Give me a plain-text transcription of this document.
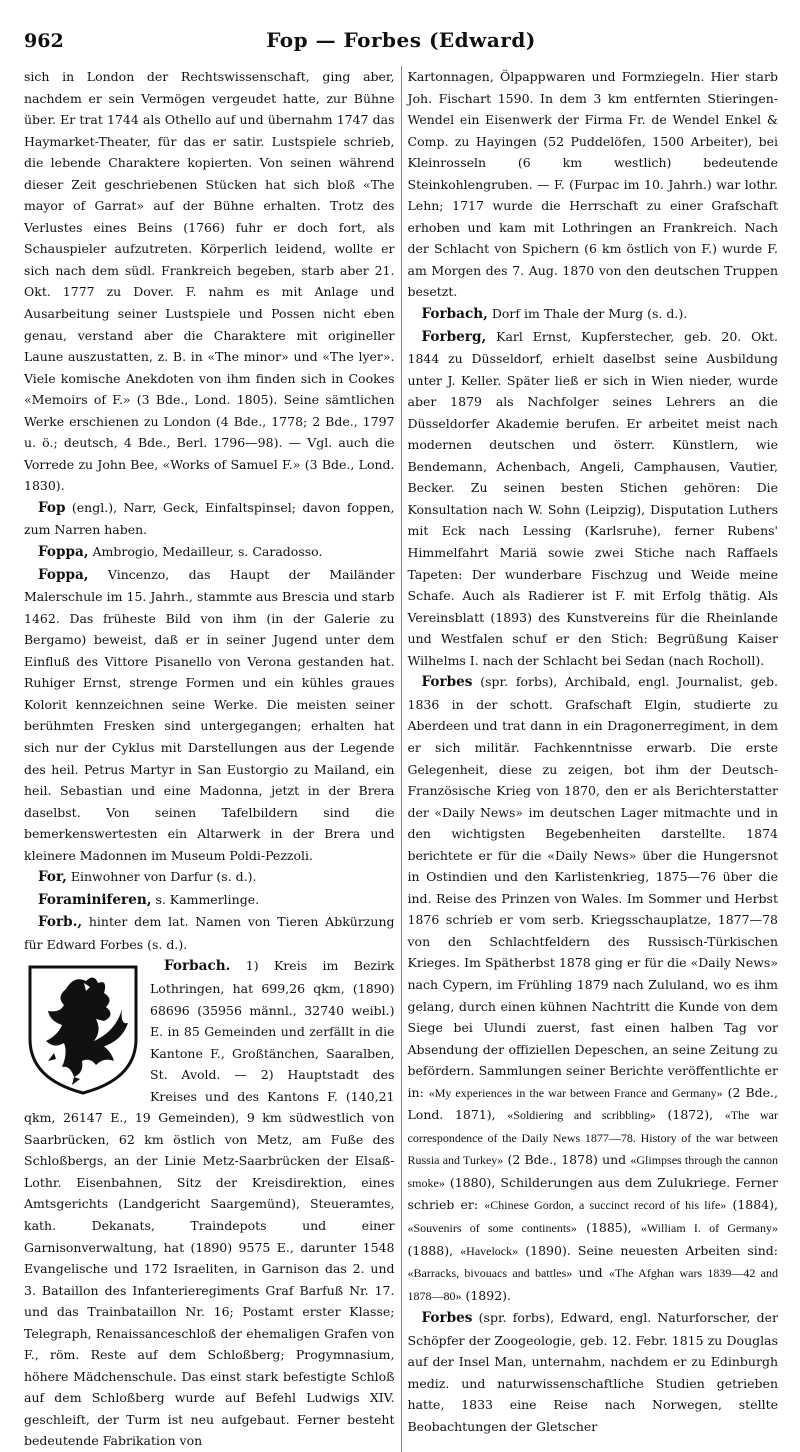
962	Fop — Forbes (Edward)

sich in London der Rechtswissenschaft, ging aber, nachdem er sein Vermögen vergeudet hatte, zur Bühne über. Er trat 1744 als Othello auf und übernahm 1747 das Haymarket-Theater, für das er satir. Lustspiele schrieb, die lebende Charaktere kopierten. Von seinen während dieser Zeit geschriebenen Stücken hat sich bloß «The mayor of Garrat» auf der Bühne erhalten. Trotz des Verlustes eines Beins (1766) fuhr er doch fort, als Schauspieler aufzutreten. Körperlich leidend, wollte er sich nach dem südl. Frankreich begeben, starb aber 21. Okt. 1777 zu Dover. F. nahm es mit Anlage und Ausarbeitung seiner Lustspiele und Possen nicht eben genau, verstand aber die Charaktere mit origineller Laune auszustatten, z. B. in «The minor» und «The lyer». Viele komische Anekdoten von ihm finden sich in Cookes «Memoirs of F.» (3 Bde., Lond. 1805). Seine sämtlichen Werke erschienen zu London (4 Bde., 1778; 2 Bde., 1797 u. ö.; deutsch, 4 Bde., Berl. 1796—98). — Vgl. auch die Vorrede zu John Bee, «Works of Samuel F.» (3 Bde., Lond. 1830).

Fop (engl.), Narr, Geck, Einfaltspinsel; davon foppen, zum Narren haben.

Foppa, Ambrogio, Medailleur, s. Caradosso.

Foppa, Vincenzo, das Haupt der Mailänder Malerschule im 15. Jahrh., stammte aus Brescia und starb 1462. Das früheste Bild von ihm (in der Galerie zu Bergamo) beweist, daß er in seiner Jugend unter dem Einfluß des Vittore Pisanello von Verona gestanden hat. Ruhiger Ernst, strenge Formen und ein kühles graues Kolorit kennzeichnen seine Werke. Die meisten seiner berühmten Fresken sind untergegangen; erhalten hat sich nur der Cyklus mit Darstellungen aus der Legende des heil. Petrus Martyr in San Eustorgio zu Mailand, ein heil. Sebastian und eine Madonna, jetzt in der Brera daselbst. Von seinen Tafelbildern sind die bemerkenswertesten ein Altarwerk in der Brera und kleinere Madonnen im Museum Poldi-Pezzoli.

For, Einwohner von Darfur (s. d.).

Foraminiferen, s. Kammerlinge.

Forb., hinter dem lat. Namen von Tieren Abkürzung für Edward Forbes (s. d.).

Forbach. 1) Kreis im Bezirk Lothringen, hat 699,26 qkm, (1890) 68696 (35956 männl., 32740 weibl.) E. in 85 Gemeinden und zerfällt in die Kantone F., Großtänchen, Saaralben, St. Avold. — 2) Hauptstadt des Kreises und des Kantons F. (140,21 qkm, 26147 E., 19 Gemeinden), 9 km südwestlich von Saarbrücken, 62 km östlich von Metz, am Fuße des Schloßbergs, an der Linie Metz-Saarbrücken der Elsaß-Lothr. Eisenbahnen, Sitz der Kreisdirektion, eines Amtsgerichts (Landgericht Saargemünd), Steueramtes, kath. Dekanats, Traindepots und einer Garnisonverwaltung, hat (1890) 9575 E., darunter 1548 Evangelische und 172 Israeliten, in Garnison das 2. und 3. Bataillon des Infanterieregiments Graf Barfuß Nr. 17. und das Trainbataillon Nr. 16; Postamt erster Klasse; Telegraph, Renaissanceschloß der ehemaligen Grafen von F., röm. Reste auf dem Schloßberg; Progymnasium, höhere Mädchenschule. Das einst stark befestigte Schloß auf dem Schloßberg wurde auf Befehl Ludwigs XIV. geschleift, der Turm ist neu aufgebaut. Ferner besteht bedeutende Fabrikation von

Kartonnagen, Ölpappwaren und Formziegeln. Hier starb Joh. Fischart 1590. In dem 3 km entfernten Stieringen-Wendel ein Eisenwerk der Firma Fr. de Wendel Enkel & Comp. zu Hayingen (52 Puddelöfen, 1500 Arbeiter), bei Kleinrosseln (6 km westlich) bedeutende Steinkohlengruben. — F. (Furpac im 10. Jahrh.) war lothr. Lehn; 1717 wurde die Herrschaft zu einer Grafschaft erhoben und kam mit Lothringen an Frankreich. Nach der Schlacht von Spichern (6 km östlich von F.) wurde F. am Morgen des 7. Aug. 1870 von den deutschen Truppen besetzt.

Forbach, Dorf im Thale der Murg (s. d.).

Forberg, Karl Ernst, Kupferstecher, geb. 20. Okt. 1844 zu Düsseldorf, erhielt daselbst seine Ausbildung unter J. Keller. Später ließ er sich in Wien nieder, wurde aber 1879 als Nachfolger seines Lehrers an die Düsseldorfer Akademie berufen. Er arbeitet meist nach modernen deutschen und österr. Künstlern, wie Bendemann, Achenbach, Angeli, Camphausen, Vautier, Becker. Zu seinen besten Stichen gehören: Die Konsultation nach W. Sohn (Leipzig), Disputation Luthers mit Eck nach Lessing (Karlsruhe), ferner Rubens' Himmelfahrt Mariä sowie zwei Stiche nach Raffaels Tapeten: Der wunderbare Fischzug und Weide meine Schafe. Auch als Radierer ist F. mit Erfolg thätig. Als Vereinsblatt (1893) des Kunstvereins für die Rheinlande und Westfalen schuf er den Stich: Begrüßung Kaiser Wilhelms I. nach der Schlacht bei Sedan (nach Rocholl).

Forbes (spr. forbs), Archibald, engl. Journalist, geb. 1836 in der schott. Grafschaft Elgin, studierte zu Aberdeen und trat dann in ein Dragonerregiment, in dem er sich militär. Fachkenntnisse erwarb. Die erste Gelegenheit, diese zu zeigen, bot ihm der Deutsch-Französische Krieg von 1870, den er als Berichterstatter der «Daily News» im deutschen Lager mitmachte und in den wichtigsten Begebenheiten darstellte. 1874 berichtete er für die «Daily News» über die Hungersnot in Ostindien und den Karlistenkrieg, 1875—76 über die ind. Reise des Prinzen von Wales. Im Sommer und Herbst 1876 schrieb er vom serb. Kriegsschauplatze, 1877—78 von den Schlachtfeldern des Russisch-Türkischen Krieges. Im Spätherbst 1878 ging er für die «Daily News» nach Cypern, im Frühling 1879 nach Zululand, wo es ihm gelang, durch einen kühnen Nachtritt die Kunde von dem Siege bei Ulundi zuerst, fast einen halben Tag vor Absendung der offiziellen Depeschen, an seine Zeitung zu befördern. Sammlungen seiner Berichte veröffentlichte er in: «My experiences in the war between France and Germany» (2 Bde., Lond. 1871), «Soldiering and scribbling» (1872), «The war correspondence of the Daily News 1877—78. History of the war between Russia and Turkey» (2 Bde., 1878) und «Glimpses through the cannon smoke» (1880), Schilderungen aus dem Zulukriege. Ferner schrieb er: «Chinese Gordon, a succinct record of his life» (1884), «Souvenirs of some continents» (1885), «William I. of Germany» (1888), «Havelock» (1890). Seine neuesten Arbeiten sind: «Barracks, bivouacs and battles» und «The Afghan wars 1839—42 and 1878—80» (1892).

Forbes (spr. forbs), Edward, engl. Naturforscher, der Schöpfer der Zoogeologie, geb. 12. Febr. 1815 zu Douglas auf der Insel Man, unternahm, nachdem er zu Edinburgh mediz. und naturwissenschaftliche Studien getrieben hatte, 1833 eine Reise nach Norwegen, stellte Beobachtungen der Gletscher
